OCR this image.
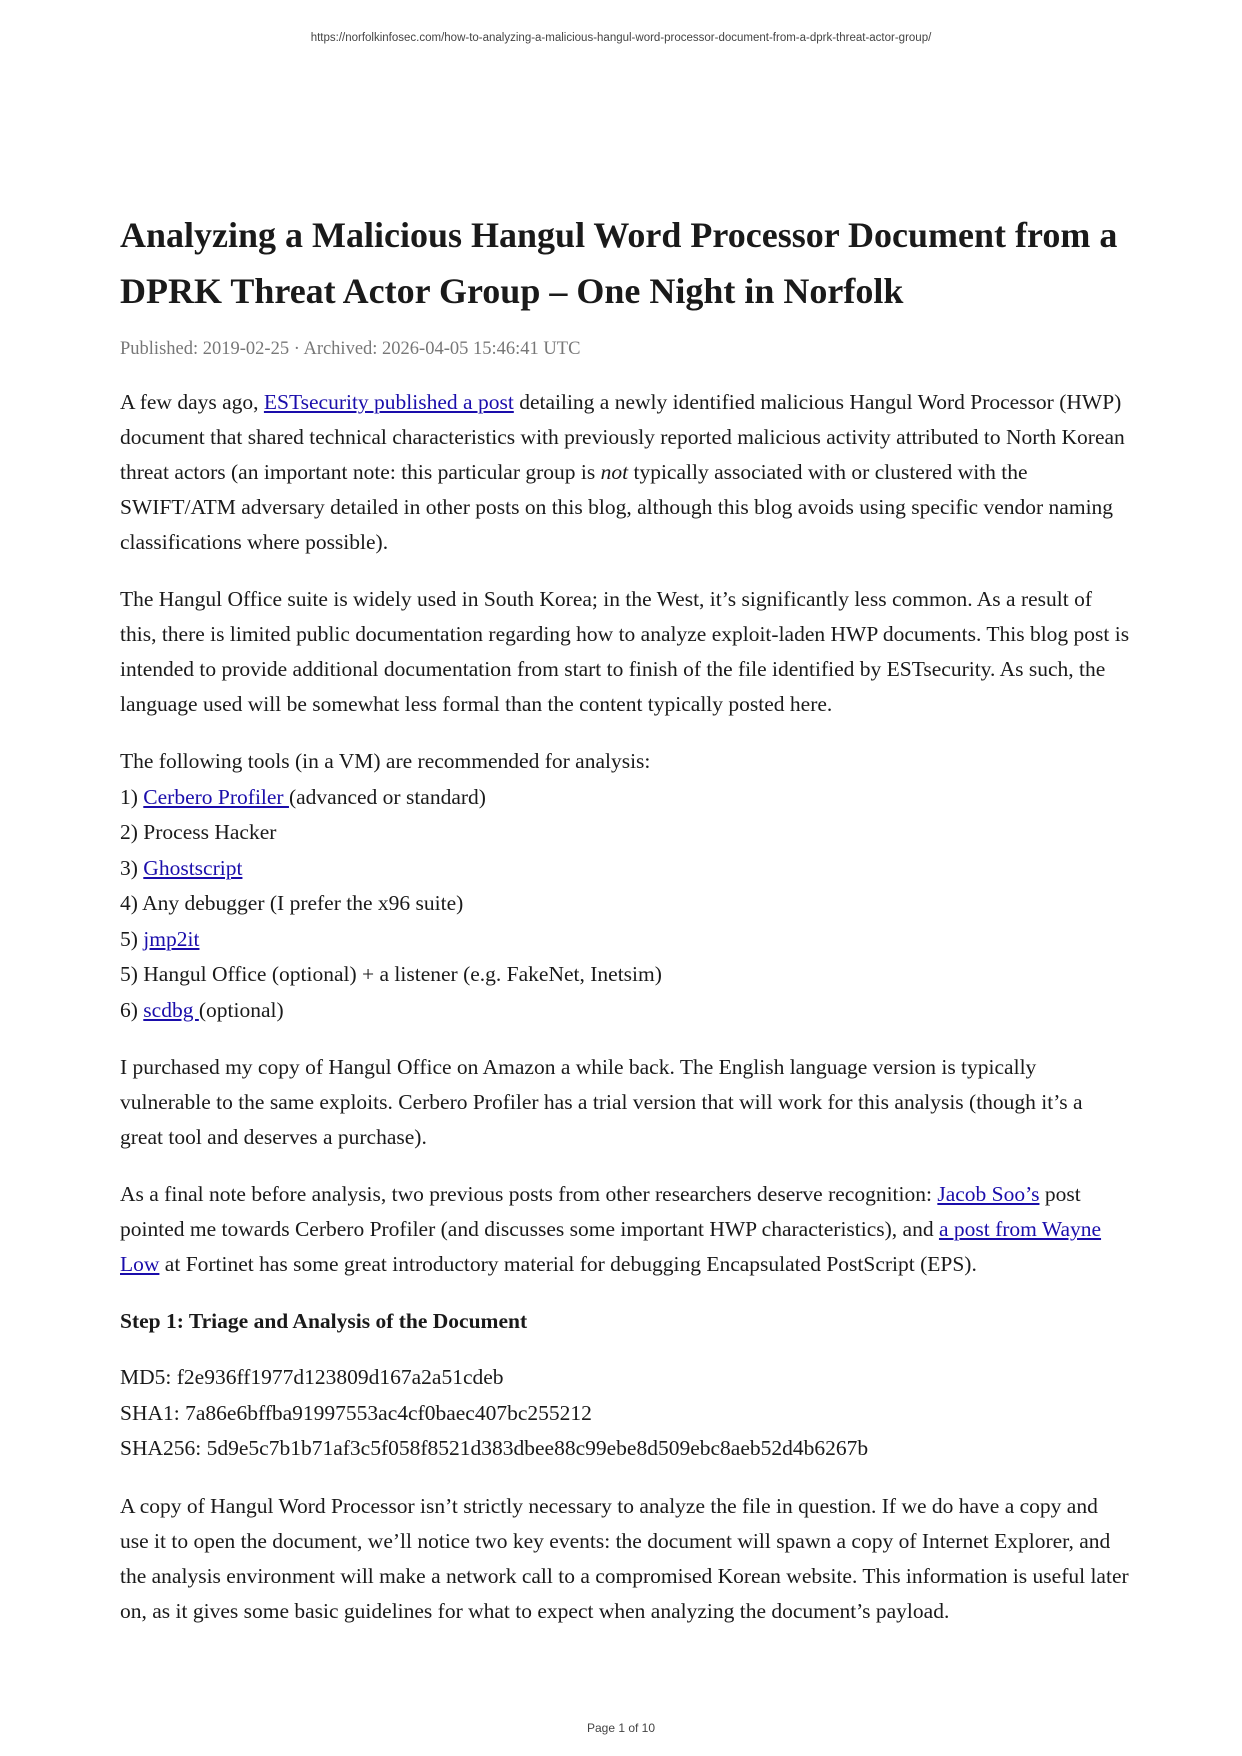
https://norfolkinfosec.com/how-to-analyzing-a-malicious-hangul-word-processor-document-from-a-dprk-threat-actor-group/
Analyzing a Malicious Hangul Word Processor Document from a
DPRK Threat Actor Group – One Night in Norfolk
Published: 2019-02-25 · Archived: 2026-04-05 15:46:41 UTC

A few days ago, ESTsecurity published a post detailing a newly identified malicious Hangul Word Processor (HWP) document that shared technical characteristics with previously reported malicious activity attributed to North Korean threat actors (an important note: this particular group is not typically associated with or clustered with the SWIFT/ATM adversary detailed in other posts on this blog, although this blog avoids using specific vendor naming classifications where possible).

The Hangul Office suite is widely used in South Korea; in the West, it’s significantly less common. As a result of this, there is limited public documentation regarding how to analyze exploit-laden HWP documents. This blog post is intended to provide additional documentation from start to finish of the file identified by ESTsecurity. As such, the language used will be somewhat less formal than the content typically posted here.

The following tools (in a VM) are recommended for analysis:
1) Cerbero Profiler (advanced or standard)
2) Process Hacker
3) Ghostscript
4) Any debugger (I prefer the x96 suite)
5) jmp2it
5) Hangul Office (optional) + a listener (e.g. FakeNet, Inetsim)
6) scdbg (optional)

I purchased my copy of Hangul Office on Amazon a while back. The English language version is typically vulnerable to the same exploits. Cerbero Profiler has a trial version that will work for this analysis (though it’s a great tool and deserves a purchase).

As a final note before analysis, two previous posts from other researchers deserve recognition: Jacob Soo’s post pointed me towards Cerbero Profiler (and discusses some important HWP characteristics), and a post from Wayne Low at Fortinet has some great introductory material for debugging Encapsulated PostScript (EPS).

Step 1: Triage and Analysis of the Document
MD5: f2e936ff1977d123809d167a2a51cdeb
SHA1: 7a86e6bffba91997553ac4cf0baec407bc255212
SHA256: 5d9e5c7b1b71af3c5f058f8521d383dbee88c99ebe8d509ebc8aeb52d4b6267b

A copy of Hangul Word Processor isn’t strictly necessary to analyze the file in question. If we do have a copy and use it to open the document, we’ll notice two key events: the document will spawn a copy of Internet Explorer, and the analysis environment will make a network call to a compromised Korean website. This information is useful later on, as it gives some basic guidelines for what to expect when analyzing the document’s payload.

Page 1 of 10
